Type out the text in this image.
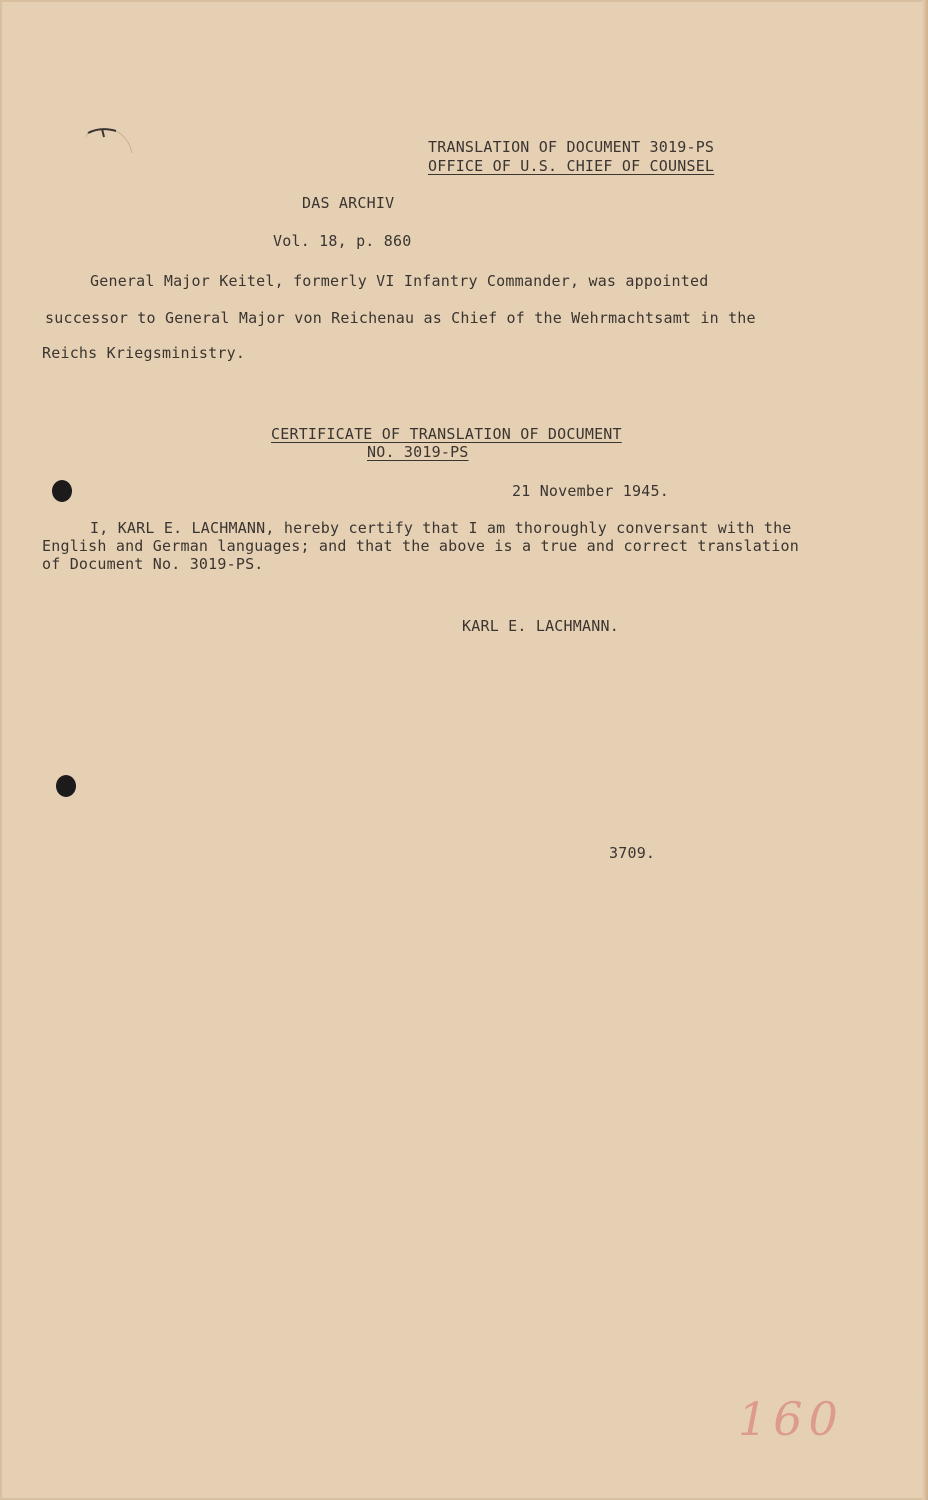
TRANSLATION OF DOCUMENT 3019-PS
OFFICE OF U.S. CHIEF OF COUNSEL
DAS ARCHIV
Vol. 18, p. 860
General Major Keitel, formerly VI Infantry Commander, was appointed
successor to General Major von Reichenau as Chief of the Wehrmachtsamt in the
Reichs Kriegsministry.
CERTIFICATE OF TRANSLATION OF DOCUMENT
NO. 3019-PS
21 November 1945.
I, KARL E. LACHMANN, hereby certify that I am thoroughly conversant with the
English and German languages; and that the above is a true and correct translation
of Document No. 3019-PS.
KARL E. LACHMANN.
3709.
160
